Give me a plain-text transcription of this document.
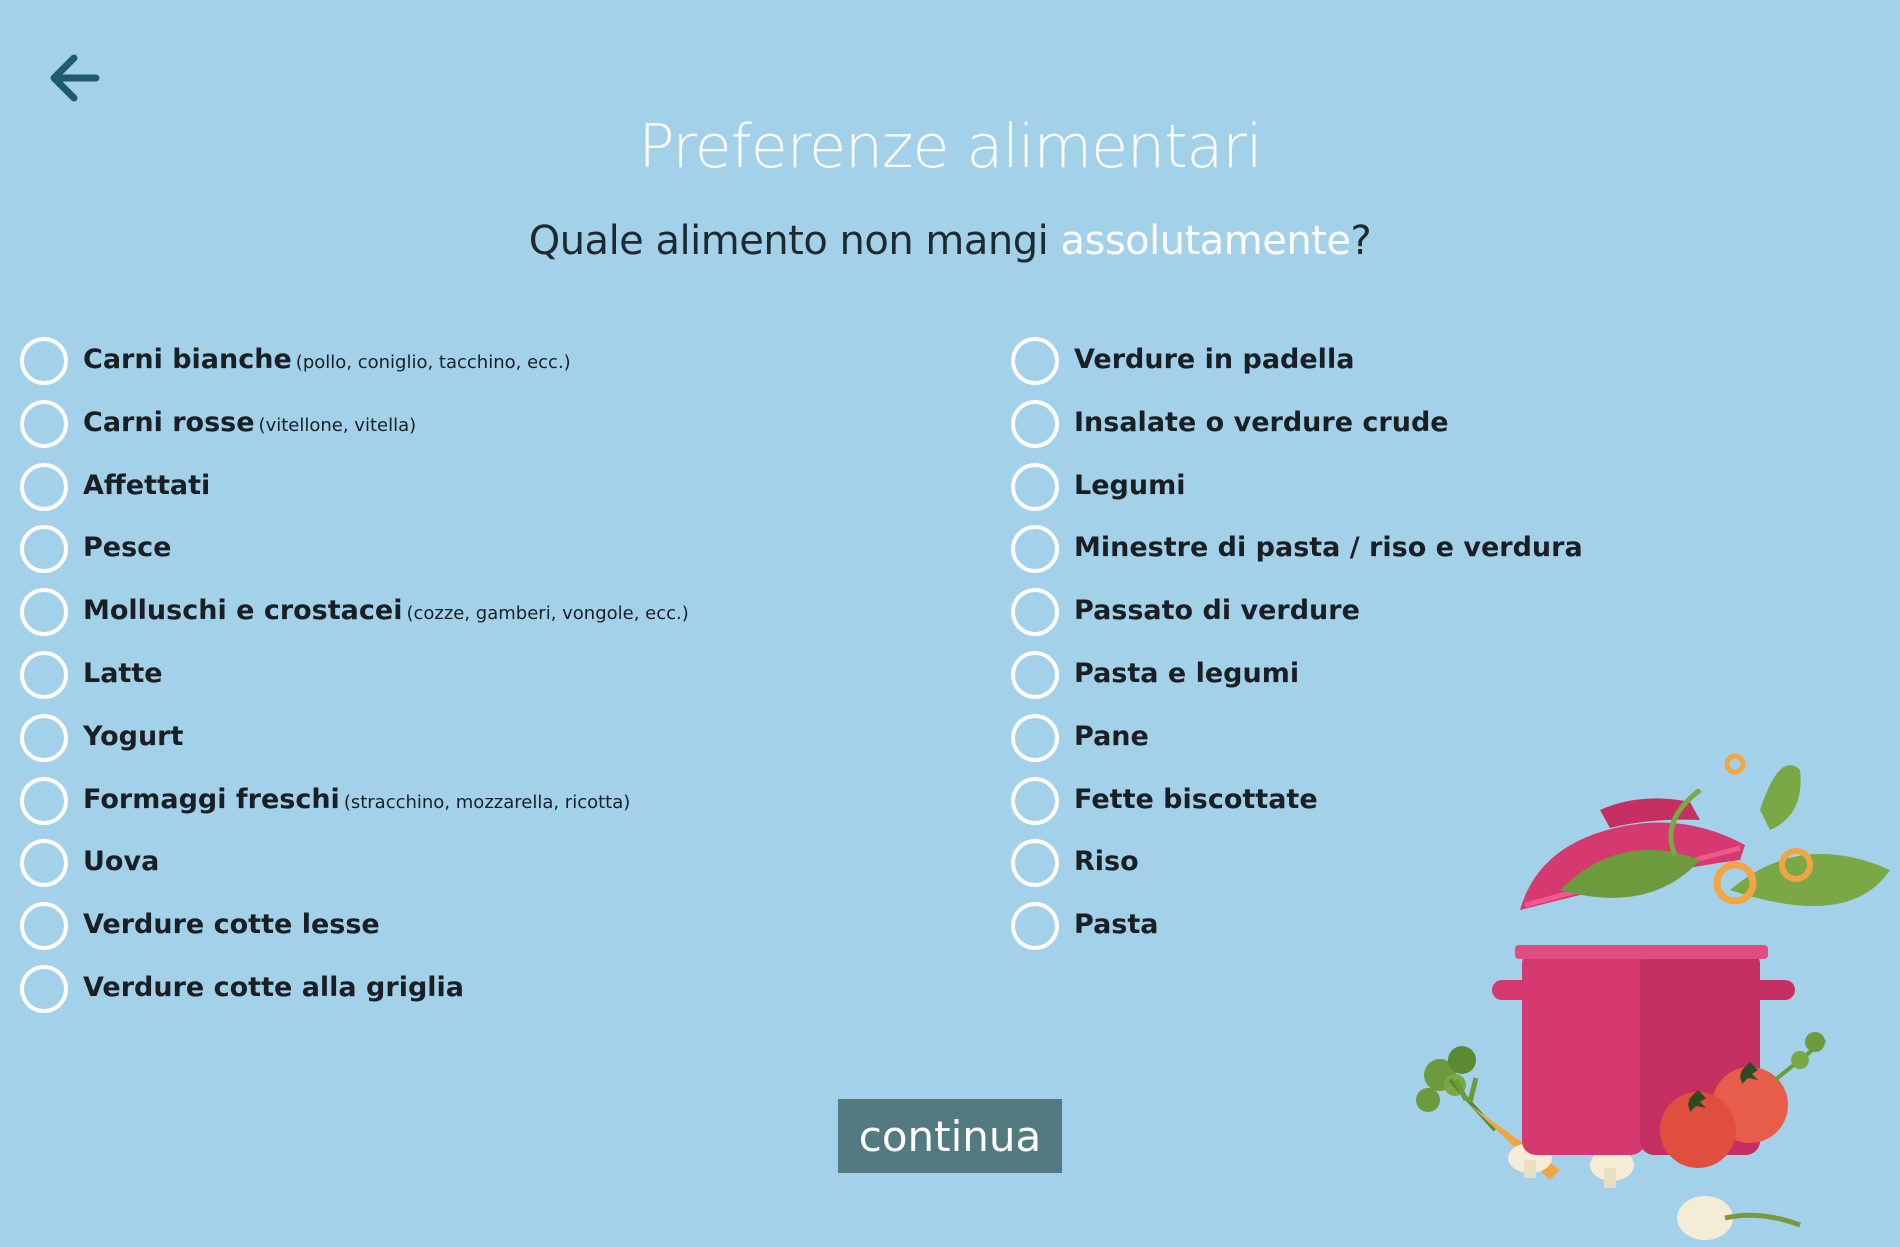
Preferenze alimentari

Quale alimento non mangi assolutamente?

Carni bianche (pollo, coniglio, tacchino, ecc.)
Carni rosse (vitellone, vitella)
Affettati
Pesce
Molluschi e crostacei (cozze, gamberi, vongole, ecc.)
Latte
Yogurt
Formaggi freschi (stracchino, mozzarella, ricotta)
Uova
Verdure cotte lesse
Verdure cotte alla griglia
Verdure in padella
Insalate o verdure crude
Legumi
Minestre di pasta / riso e verdura
Passato di verdure
Pasta e legumi
Pane
Fette biscottate
Riso
Pasta
continua
